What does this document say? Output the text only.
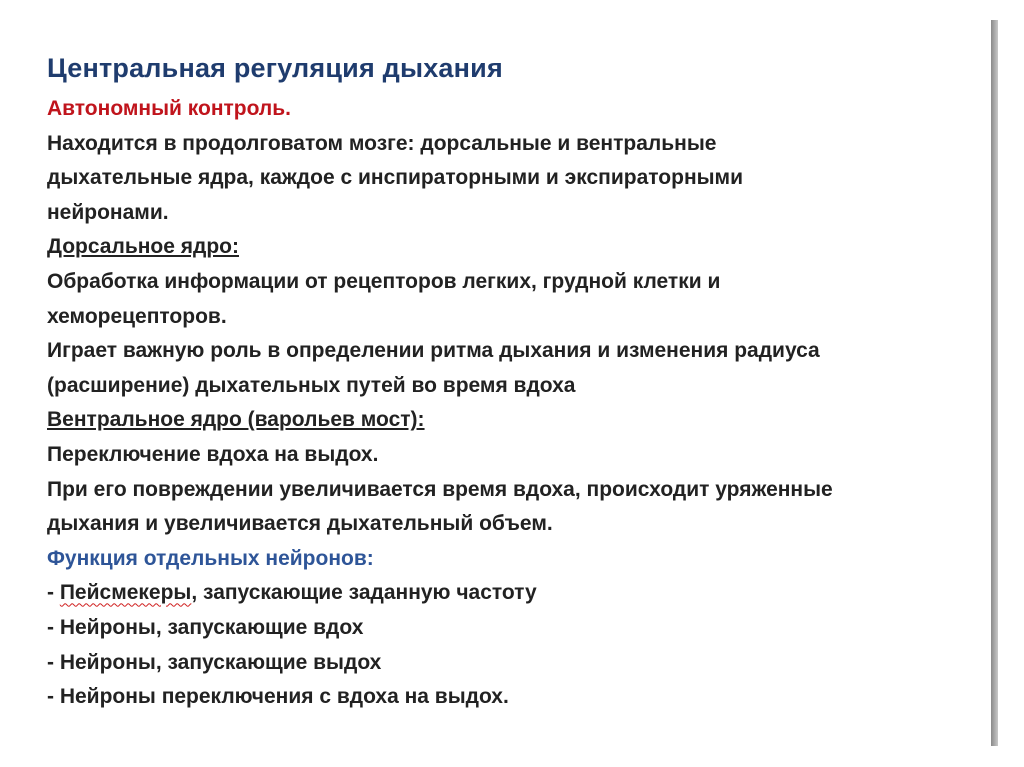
Центральная регуляция дыхания
Автономный контроль.
Находится в продолговатом мозге: дорсальные и вентральные
дыхательные ядра, каждое с инспираторными и экспираторными
нейронами.
Дорсальное ядро:
Обработка информации от рецепторов легких, грудной клетки и
хеморецепторов.
Играет важную роль в определении ритма дыхания и изменения радиуса
(расширение) дыхательных путей во время вдоха
Вентральное ядро (варольев мост):
Переключение вдоха на выдох.
При его повреждении увеличивается время вдоха, происходит уряженные
дыхания и увеличивается дыхательный объем.
Функция отдельных нейронов:
- Пейсмекеры, запускающие заданную частоту
- Нейроны, запускающие вдох
- Нейроны, запускающие выдох
- Нейроны переключения с вдоха на выдох.
